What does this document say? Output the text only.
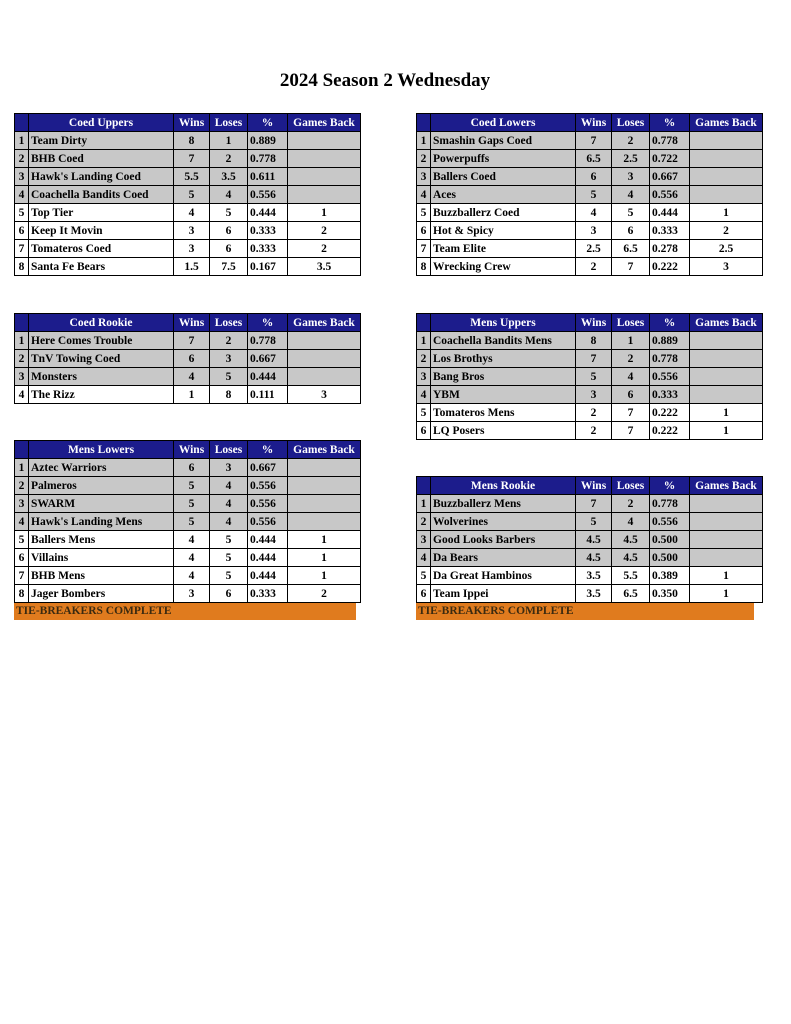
2024 Season 2 Wednesday
	Coed Uppers	Wins	Loses	%	Games Back
1	Team Dirty	8	1	0.889	
2	BHB Coed	7	2	0.778	
3	Hawk's Landing Coed	5.5	3.5	0.611	
4	Coachella Bandits Coed	5	4	0.556	
5	Top Tier	4	5	0.444	1
6	Keep It Movin	3	6	0.333	2
7	Tomateros Coed	3	6	0.333	2
8	Santa Fe Bears	1.5	7.5	0.167	3.5
	Coed Lowers	Wins	Loses	%	Games Back
1	Smashin Gaps Coed	7	2	0.778	
2	Powerpuffs	6.5	2.5	0.722	
3	Ballers Coed	6	3	0.667	
4	Aces	5	4	0.556	
5	Buzzballerz Coed	4	5	0.444	1
6	Hot & Spicy	3	6	0.333	2
7	Team Elite	2.5	6.5	0.278	2.5
8	Wrecking Crew	2	7	0.222	3
	Coed Rookie	Wins	Loses	%	Games Back
1	Here Comes Trouble	7	2	0.778	
2	TnV Towing Coed	6	3	0.667	
3	Monsters	4	5	0.444	
4	The Rizz	1	8	0.111	3
	Mens Uppers	Wins	Loses	%	Games Back
1	Coachella Bandits Mens	8	1	0.889	
2	Los Brothys	7	2	0.778	
3	Bang Bros	5	4	0.556	
4	YBM	3	6	0.333	
5	Tomateros Mens	2	7	0.222	1
6	LQ Posers	2	7	0.222	1
	Mens Lowers	Wins	Loses	%	Games Back
1	Aztec Warriors	6	3	0.667	
2	Palmeros	5	4	0.556	
3	SWARM	5	4	0.556	
4	Hawk's Landing Mens	5	4	0.556	
5	Ballers Mens	4	5	0.444	1
6	Villains	4	5	0.444	1
7	BHB Mens	4	5	0.444	1
8	Jager Bombers	3	6	0.333	2
	Mens Rookie	Wins	Loses	%	Games Back
1	Buzzballerz Mens	7	2	0.778	
2	Wolverines	5	4	0.556	
3	Good Looks Barbers	4.5	4.5	0.500	
4	Da Bears	4.5	4.5	0.500	
5	Da Great Hambinos	3.5	5.5	0.389	1
6	Team Ippei	3.5	6.5	0.350	1
TIE-BREAKERS COMPLETE	TIE-BREAKERS COMPLETE
